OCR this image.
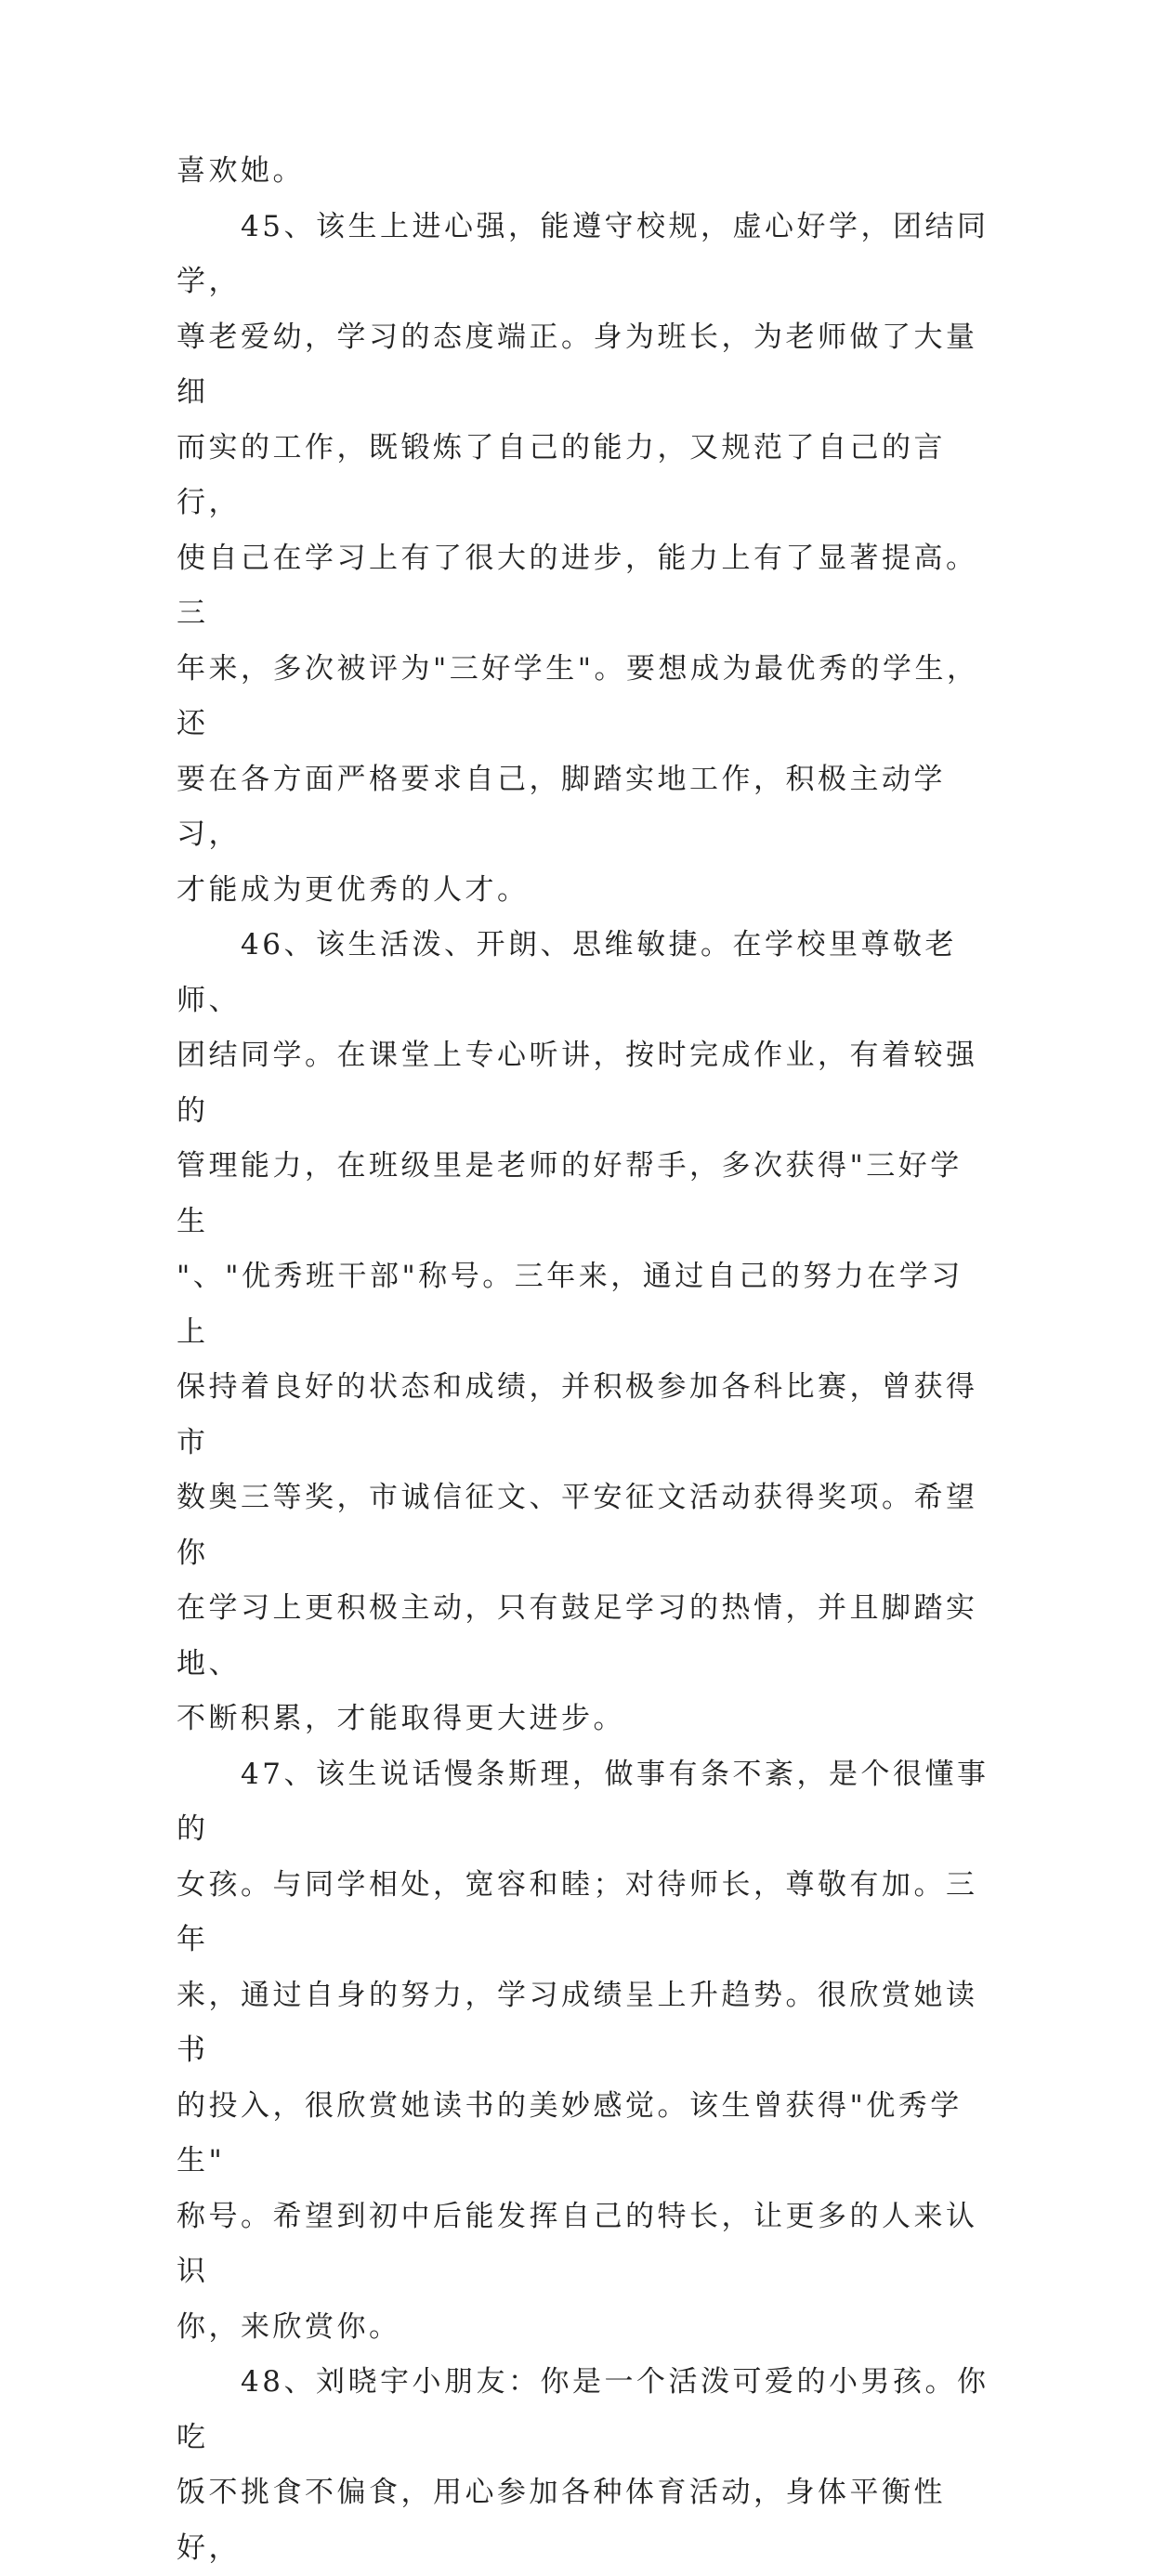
喜欢她。

　　45、该生上进心强，能遵守校规，虚心好学，团结同学，
尊老爱幼，学习的态度端正。身为班长，为老师做了大量细
而实的工作，既锻炼了自己的能力，又规范了自己的言行，
使自己在学习上有了很大的进步，能力上有了显著提高。三
年来，多次被评为"三好学生"。要想成为最优秀的学生，还
要在各方面严格要求自己，脚踏实地工作，积极主动学习，
才能成为更优秀的人才。

　　46、该生活泼、开朗、思维敏捷。在学校里尊敬老师、
团结同学。在课堂上专心听讲，按时完成作业，有着较强的
管理能力，在班级里是老师的好帮手，多次获得"三好学生
"、"优秀班干部"称号。三年来，通过自己的努力在学习上
保持着良好的状态和成绩，并积极参加各科比赛，曾获得市
数奥三等奖，市诚信征文、平安征文活动获得奖项。希望你
在学习上更积极主动，只有鼓足学习的热情，并且脚踏实地、
不断积累，才能取得更大进步。

　　47、该生说话慢条斯理，做事有条不紊，是个很懂事的
女孩。与同学相处，宽容和睦；对待师长，尊敬有加。三年
来，通过自身的努力，学习成绩呈上升趋势。很欣赏她读书
的投入，很欣赏她读书的美妙感觉。该生曾获得"优秀学生"
称号。希望到初中后能发挥自己的特长，让更多的人来认识
你，来欣赏你。

　　48、刘晓宇小朋友：你是一个活泼可爱的小男孩。你吃
饭不挑食不偏食，用心参加各种体育活动，身体平衡性好，
